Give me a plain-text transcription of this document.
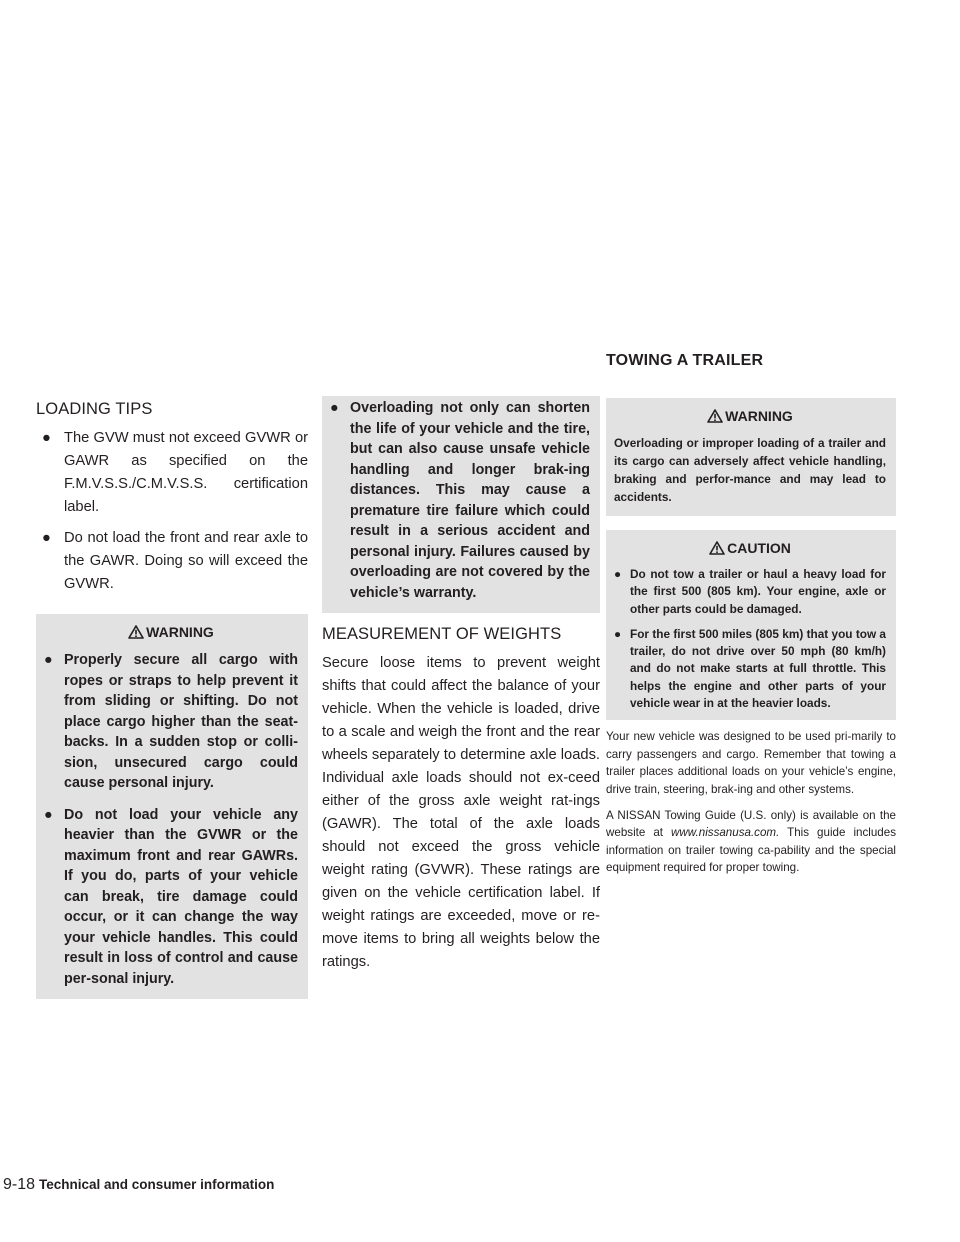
TOWING A TRAILER
LOADING TIPS
● The GVW must not exceed GVWR or GAWR as specified on the F.M.V.S.S./C.M.V.S.S. certification label.
● Do not load the front and rear axle to the GAWR. Doing so will exceed the GVWR.
WARNING
● Properly secure all cargo with ropes or straps to help prevent it from sliding or shifting. Do not place cargo higher than the seat-backs. In a sudden stop or colli-sion, unsecured cargo could cause personal injury.
● Do not load your vehicle any heavier than the GVWR or the maximum front and rear GAWRs. If you do, parts of your vehicle can break, tire damage could occur, or it can change the way your vehicle handles. This could result in loss of control and cause per-sonal injury.
● Overloading not only can shorten the life of your vehicle and the tire, but can also cause unsafe vehicle handling and longer brak-ing distances. This may cause a premature tire failure which could result in a serious accident and personal injury. Failures caused by overloading are not covered by the vehicle’s warranty.
MEASUREMENT OF WEIGHTS

Secure loose items to prevent weight shifts that could affect the balance of your vehicle. When the vehicle is loaded, drive to a scale and weigh the front and the rear wheels separately to determine axle loads. Individual axle loads should not ex-ceed either of the gross axle weight rat-ings (GAWR). The total of the axle loads should not exceed the gross vehicle weight rating (GVWR). These ratings are given on the vehicle certification label. If weight ratings are exceeded, move or re-move items to bring all weights below the ratings.

WARNING
Overloading or improper loading of a trailer and its cargo can adversely affect vehicle handling, braking and perfor-mance and may lead to accidents.
CAUTION
● Do not tow a trailer or haul a heavy load for the first 500 (805 km). Your engine, axle or other parts could be damaged.
● For the first 500 miles (805 km) that you tow a trailer, do not drive over 50 mph (80 km/h) and do not make starts at full throttle. This helps the engine and other parts of your vehicle wear in at the heavier loads.

Your new vehicle was designed to be used pri-marily to carry passengers and cargo. Remember that towing a trailer places additional loads on your vehicle’s engine, drive train, steering, brak-ing and other systems.

A NISSAN Towing Guide (U.S. only) is available on the website at www.nissanusa.com. This guide includes information on trailer towing ca-pability and the special equipment required for proper towing.

9-18 Technical and consumer information
